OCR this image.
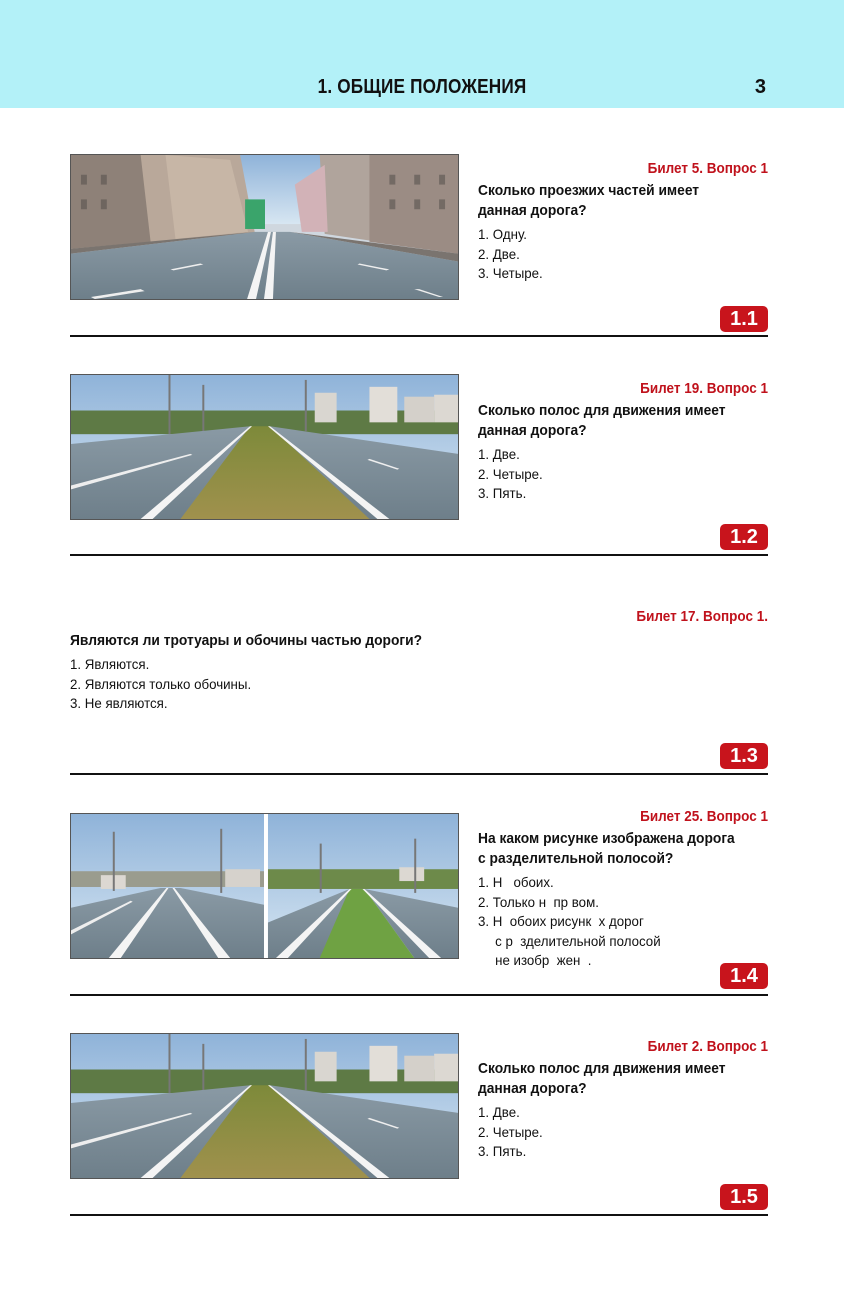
1. ОБЩИЕ ПОЛОЖЕНИЯ	3
Билет 5. Вопрос 1
Сколько проезжих частей имеет данная дорога?
1. Одну.
2. Две.
3. Четыре.
1.1
Билет 19. Вопрос 1
Сколько полос для движения имеет данная дорога?
1. Две.
2. Четыре.
3. Пять.
1.2
Билет 17. Вопрос 1.
Являются ли тротуары и обочины частью дороги?
1. Являются.
2. Являются только обочины.
3. Не являются.
1.3
Билет 25. Вопрос 1
На каком рисунке изображена дорога
с разделительной полосой?
1. Н   обоих.
2. Только н  пр вом.
3. Н  обоих рисунк  х дорог
с р  зделительной полосой
не изобр  жен  .
1.4
Билет 2. Вопрос 1
Сколько полос для движения имеет данная дорога?
1. Две.
2. Четыре.
3. Пять.
1.5
